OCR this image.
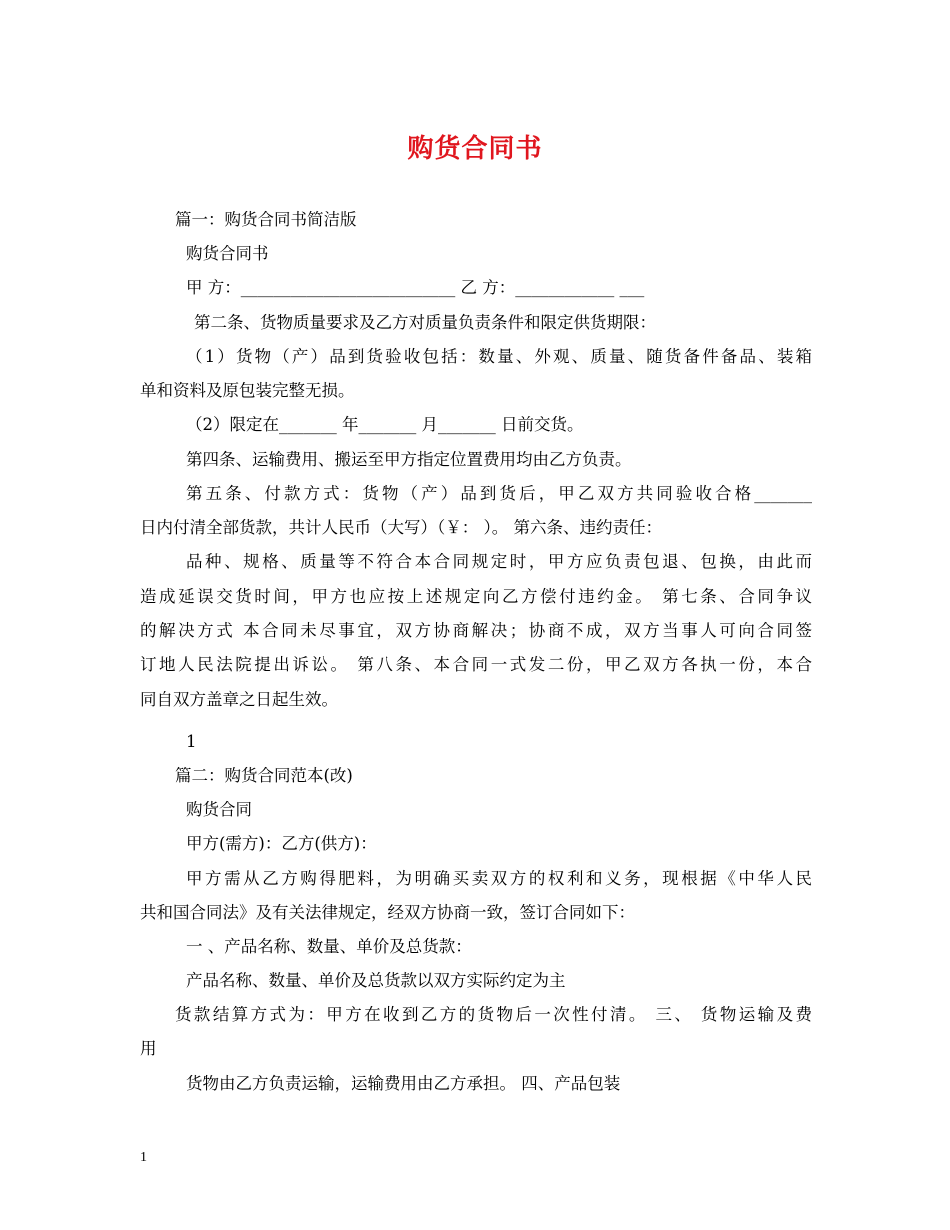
购货合同书
篇一：购货合同书简洁版
购货合同书
甲 方：__________________________ 乙 方：____________ ___
第二条、货物质量要求及乙方对质量负责条件和限定供货期限：
（1）货物（产）品到货验收包括：数量、外观、质量、随货备件备品、装箱
单和资料及原包装完整无损。
（2）限定在_______ 年_______ 月_______ 日前交货。
第四条、运输费用、搬运至甲方指定位置费用均由乙方负责。
第五条、付款方式：货物（产）品到货后，甲乙双方共同验收合格_______
日内付清全部货款，共计人民币（大写）（￥： ）。 第六条、违约责任：
品种、规格、质量等不符合本合同规定时，甲方应负责包退、包换，由此而
造成延误交货时间，甲方也应按上述规定向乙方偿付违约金。 第七条、合同争议
的解决方式 本合同未尽事宜，双方协商解决；协商不成，双方当事人可向合同签
订地人民法院提出诉讼。 第八条、本合同一式发二份，甲乙双方各执一份，本合
同自双方盖章之日起生效。
1
篇二：购货合同范本(改)
购货合同
甲方(需方)：乙方(供方)：
甲方需从乙方购得肥料，为明确买卖双方的权利和义务，现根据《中华人民
共和国合同法》及有关法律规定，经双方协商一致，签订合同如下：
一 、产品名称、数量、单价及总货款：
产品名称、数量、单价及总货款以双方实际约定为主
货款结算方式为：甲方在收到乙方的货物后一次性付清。 三、 货物运输及费
用
货物由乙方负责运输，运输费用由乙方承担。 四、产品包装
1
